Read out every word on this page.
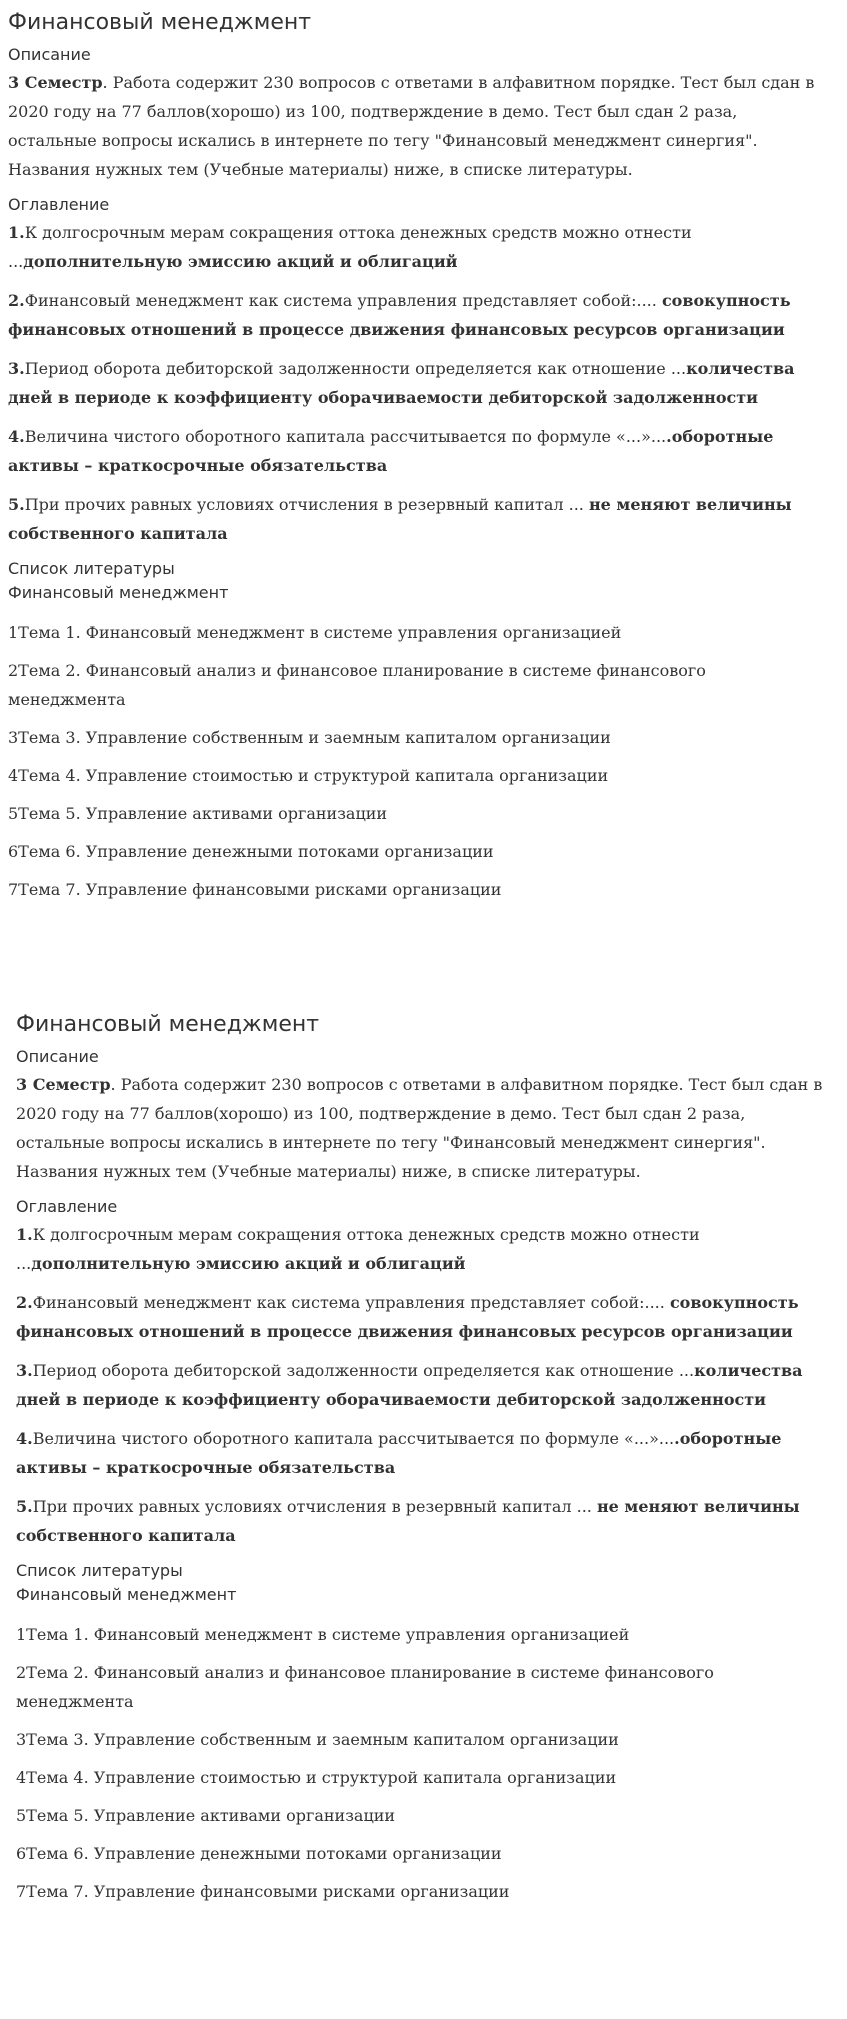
Финансовый менеджмент
Описание

3 Семестр. Работа содержит 230 вопросов с ответами в алфавитном порядке. Тест был сдан в 2020 году на 77 баллов(хорошо) из 100, подтверждение в демо. Тест был сдан 2 раза, остальные вопросы искались в интернете по тегу "Финансовый менеджмент синергия". Названия нужных тем (Учебные материалы) ниже, в списке литературы.

Оглавление

1.К долгосрочным мерам сокращения оттока денежных средств можно отнести ...дополнительную эмиссию акций и облигаций

2.Финансовый менеджмент как система управления представляет собой:.... совокупность финансовых отношений в процессе движения финансовых ресурсов организации

3.Период оборота дебиторской задолженности определяется как отношение ...количества дней в периоде к коэффициенту оборачиваемости дебиторской задолженности

4.Величина чистого оборотного капитала рассчитывается по формуле «...»....оборотные активы – краткосрочные обязательства

5.При прочих равных условиях отчисления в резервный капитал ... не меняют величины собственного капитала

Список литературы
Финансовый менеджмент

1Тема 1. Финансовый менеджмент в системе управления организацией

2Тема 2. Финансовый анализ и финансовое планирование в системе финансового менеджмента

3Тема 3. Управление собственным и заемным капиталом организации

4Тема 4. Управление стоимостью и структурой капитала организации

5Тема 5. Управление активами организации

6Тема 6. Управление денежными потоками организации

7Тема 7. Управление финансовыми рисками организации

Финансовый менеджмент
Описание

3 Семестр. Работа содержит 230 вопросов с ответами в алфавитном порядке. Тест был сдан в 2020 году на 77 баллов(хорошо) из 100, подтверждение в демо. Тест был сдан 2 раза, остальные вопросы искались в интернете по тегу "Финансовый менеджмент синергия". Названия нужных тем (Учебные материалы) ниже, в списке литературы.

Оглавление

1.К долгосрочным мерам сокращения оттока денежных средств можно отнести ...дополнительную эмиссию акций и облигаций

2.Финансовый менеджмент как система управления представляет собой:.... совокупность финансовых отношений в процессе движения финансовых ресурсов организации

3.Период оборота дебиторской задолженности определяется как отношение ...количества дней в периоде к коэффициенту оборачиваемости дебиторской задолженности

4.Величина чистого оборотного капитала рассчитывается по формуле «...»....оборотные активы – краткосрочные обязательства

5.При прочих равных условиях отчисления в резервный капитал ... не меняют величины собственного капитала

Список литературы
Финансовый менеджмент

1Тема 1. Финансовый менеджмент в системе управления организацией

2Тема 2. Финансовый анализ и финансовое планирование в системе финансового менеджмента

3Тема 3. Управление собственным и заемным капиталом организации

4Тема 4. Управление стоимостью и структурой капитала организации

5Тема 5. Управление активами организации

6Тема 6. Управление денежными потоками организации

7Тема 7. Управление финансовыми рисками организации
